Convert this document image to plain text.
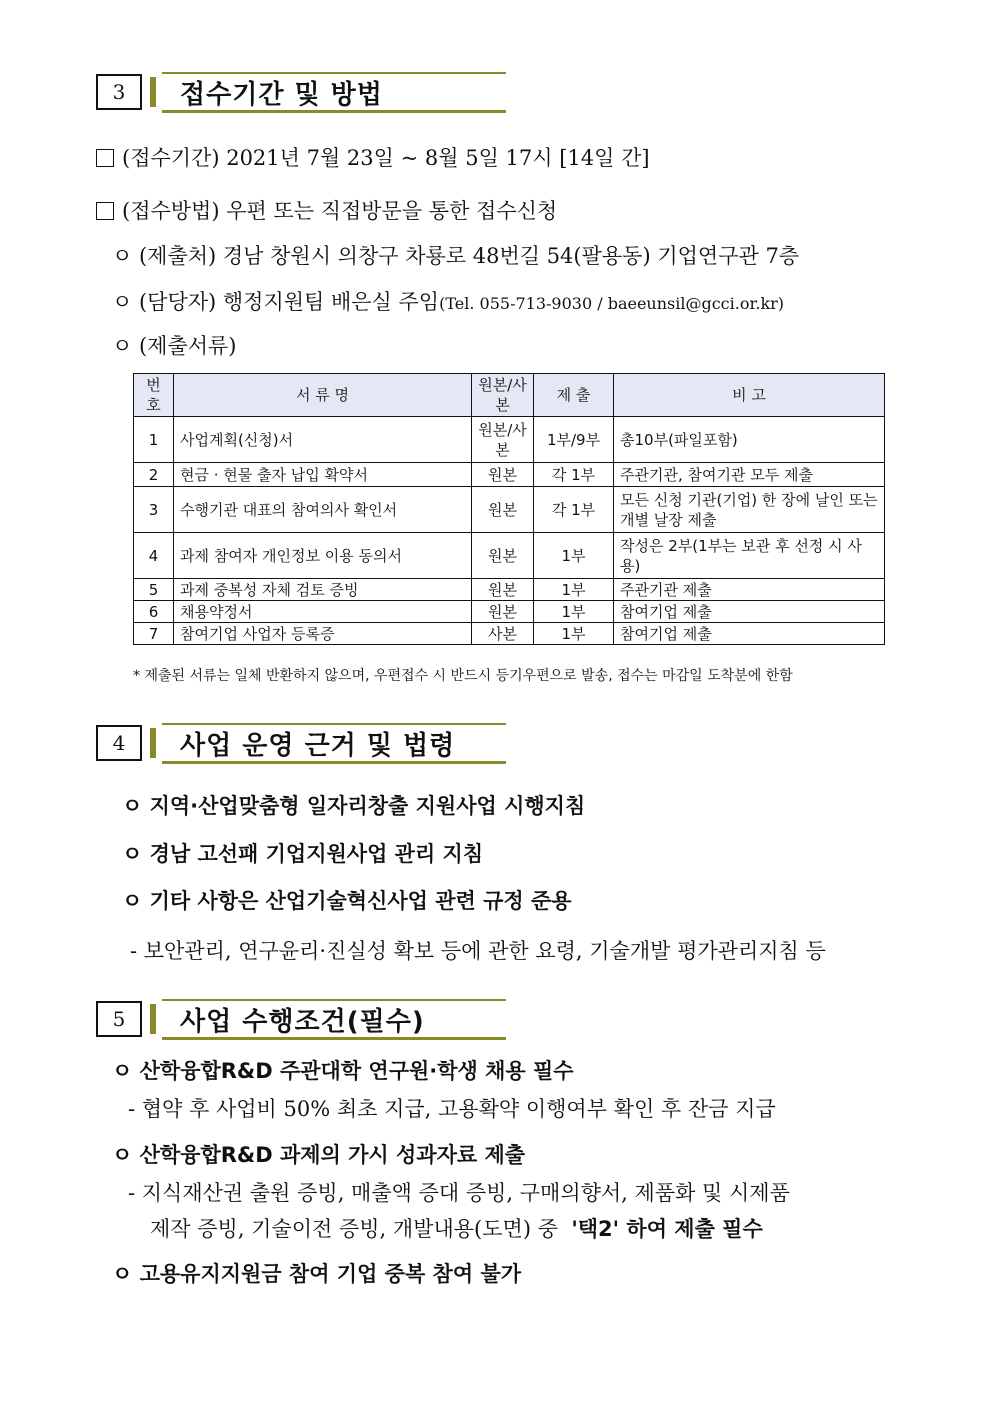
3	접수기간 및 방법
(접수기간) 2021년 7월 23일 ~ 8월 5일 17시 [14일 간]
(접수방법) 우편 또는 직접방문을 통한 접수신청
ㅇ (제출처) 경남 창원시 의창구 차룡로 48번길 54(팔용동) 기업연구관 7층
ㅇ (담당자) 행정지원팀 배은실 주임(Tel. 055-713-9030 / baeeunsil@gcci.or.kr)
ㅇ (제출서류)
번호	서 류 명	원본/사본	제 출	비 고
1	사업계획(신청)서	원본/사본	1부/9부	총10부(파일포함)
2	현금 · 현물 출자 납입 확약서	원본	각 1부	주관기관, 참여기관 모두 제출
3	수행기관 대표의 참여의사 확인서	원본	각 1부	모든 신청 기관(기업) 한 장에 날인 또는 개별 날장 제출
4	과제 참여자 개인정보 이용 동의서	원본	1부	작성은 2부(1부는 보관 후 선정 시 사용)
5	과제 중복성 자체 검토 증빙	원본	1부	주관기관 제출
6	채용약정서	원본	1부	참여기업 제출
7	참여기업 사업자 등록증	사본	1부	참여기업 제출
* 제출된 서류는 일체 반환하지 않으며, 우편접수 시 반드시 등기우편으로 발송, 접수는 마감일 도착분에 한함
4	사업 운영 근거 및 법령
ㅇ 지역·산업맞춤형 일자리창출 지원사업 시행지침
ㅇ 경남 고선패 기업지원사업 관리 지침
ㅇ 기타 사항은 산업기술혁신사업 관련 규정 준용
- 보안관리, 연구윤리·진실성 확보 등에 관한 요령, 기술개발 평가관리지침 등
5	사업 수행조건(필수)
ㅇ 산학융합R&D 주관대학 연구원·학생 채용 필수
- 협약 후 사업비 50% 최초 지급, 고용확약 이행여부 확인 후 잔금 지급
ㅇ 산학융합R&D 과제의 가시 성과자료 제출
- 지식재산권 출원 증빙, 매출액 증대 증빙, 구매의향서, 제품화 및 시제품
제작 증빙, 기술이전 증빙, 개발내용(도면) 중 '택2' 하여 제출 필수
ㅇ 고용유지지원금 참여 기업 중복 참여 불가
